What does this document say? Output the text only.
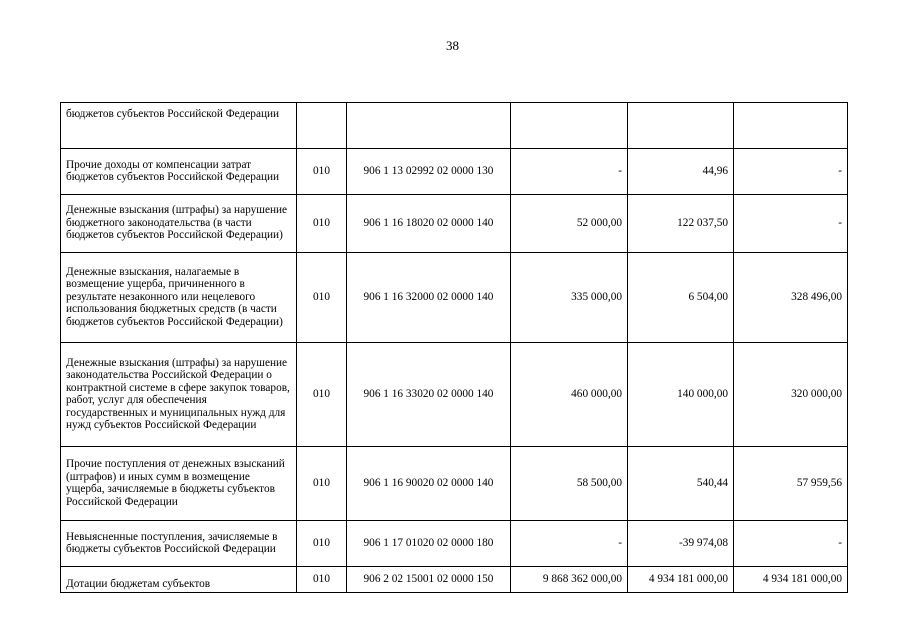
38
бюджетов субъектов Российской Федерации					
Прочие доходы от компенсации затрат бюджетов субъектов Российской Федерации	010	906 1 13 02992 02 0000 130	-	44,96	-
Денежные взыскания (штрафы) за нарушение бюджетного законодательства (в части бюджетов субъектов Российской Федерации)	010	906 1 16 18020 02 0000 140	52 000,00	122 037,50	-
Денежные взыскания, налагаемые в возмещение ущерба, причиненного в результате незаконного или нецелевого использования бюджетных средств (в части бюджетов субъектов Российской Федерации)	010	906 1 16 32000 02 0000 140	335 000,00	6 504,00	328 496,00
Денежные взыскания (штрафы) за нарушение законодательства Российской Федерации о контрактной системе в сфере закупок товаров, работ, услуг для обеспечения государственных и муниципальных нужд для нужд субъектов Российской Федерации	010	906 1 16 33020 02 0000 140	460 000,00	140 000,00	320 000,00
Прочие поступления от денежных взысканий (штрафов) и иных сумм в возмещение ущерба, зачисляемые в бюджеты субъектов Российской Федерации	010	906 1 16 90020 02 0000 140	58 500,00	540,44	57 959,56
Невыясненные поступления, зачисляемые в бюджеты субъектов Российской Федерации	010	906 1 17 01020 02 0000 180	-	-39 974,08	-
Дотации бюджетам субъектов	010	906 2 02 15001 02 0000 150	9 868 362 000,00	4 934 181 000,00	4 934 181 000,00
